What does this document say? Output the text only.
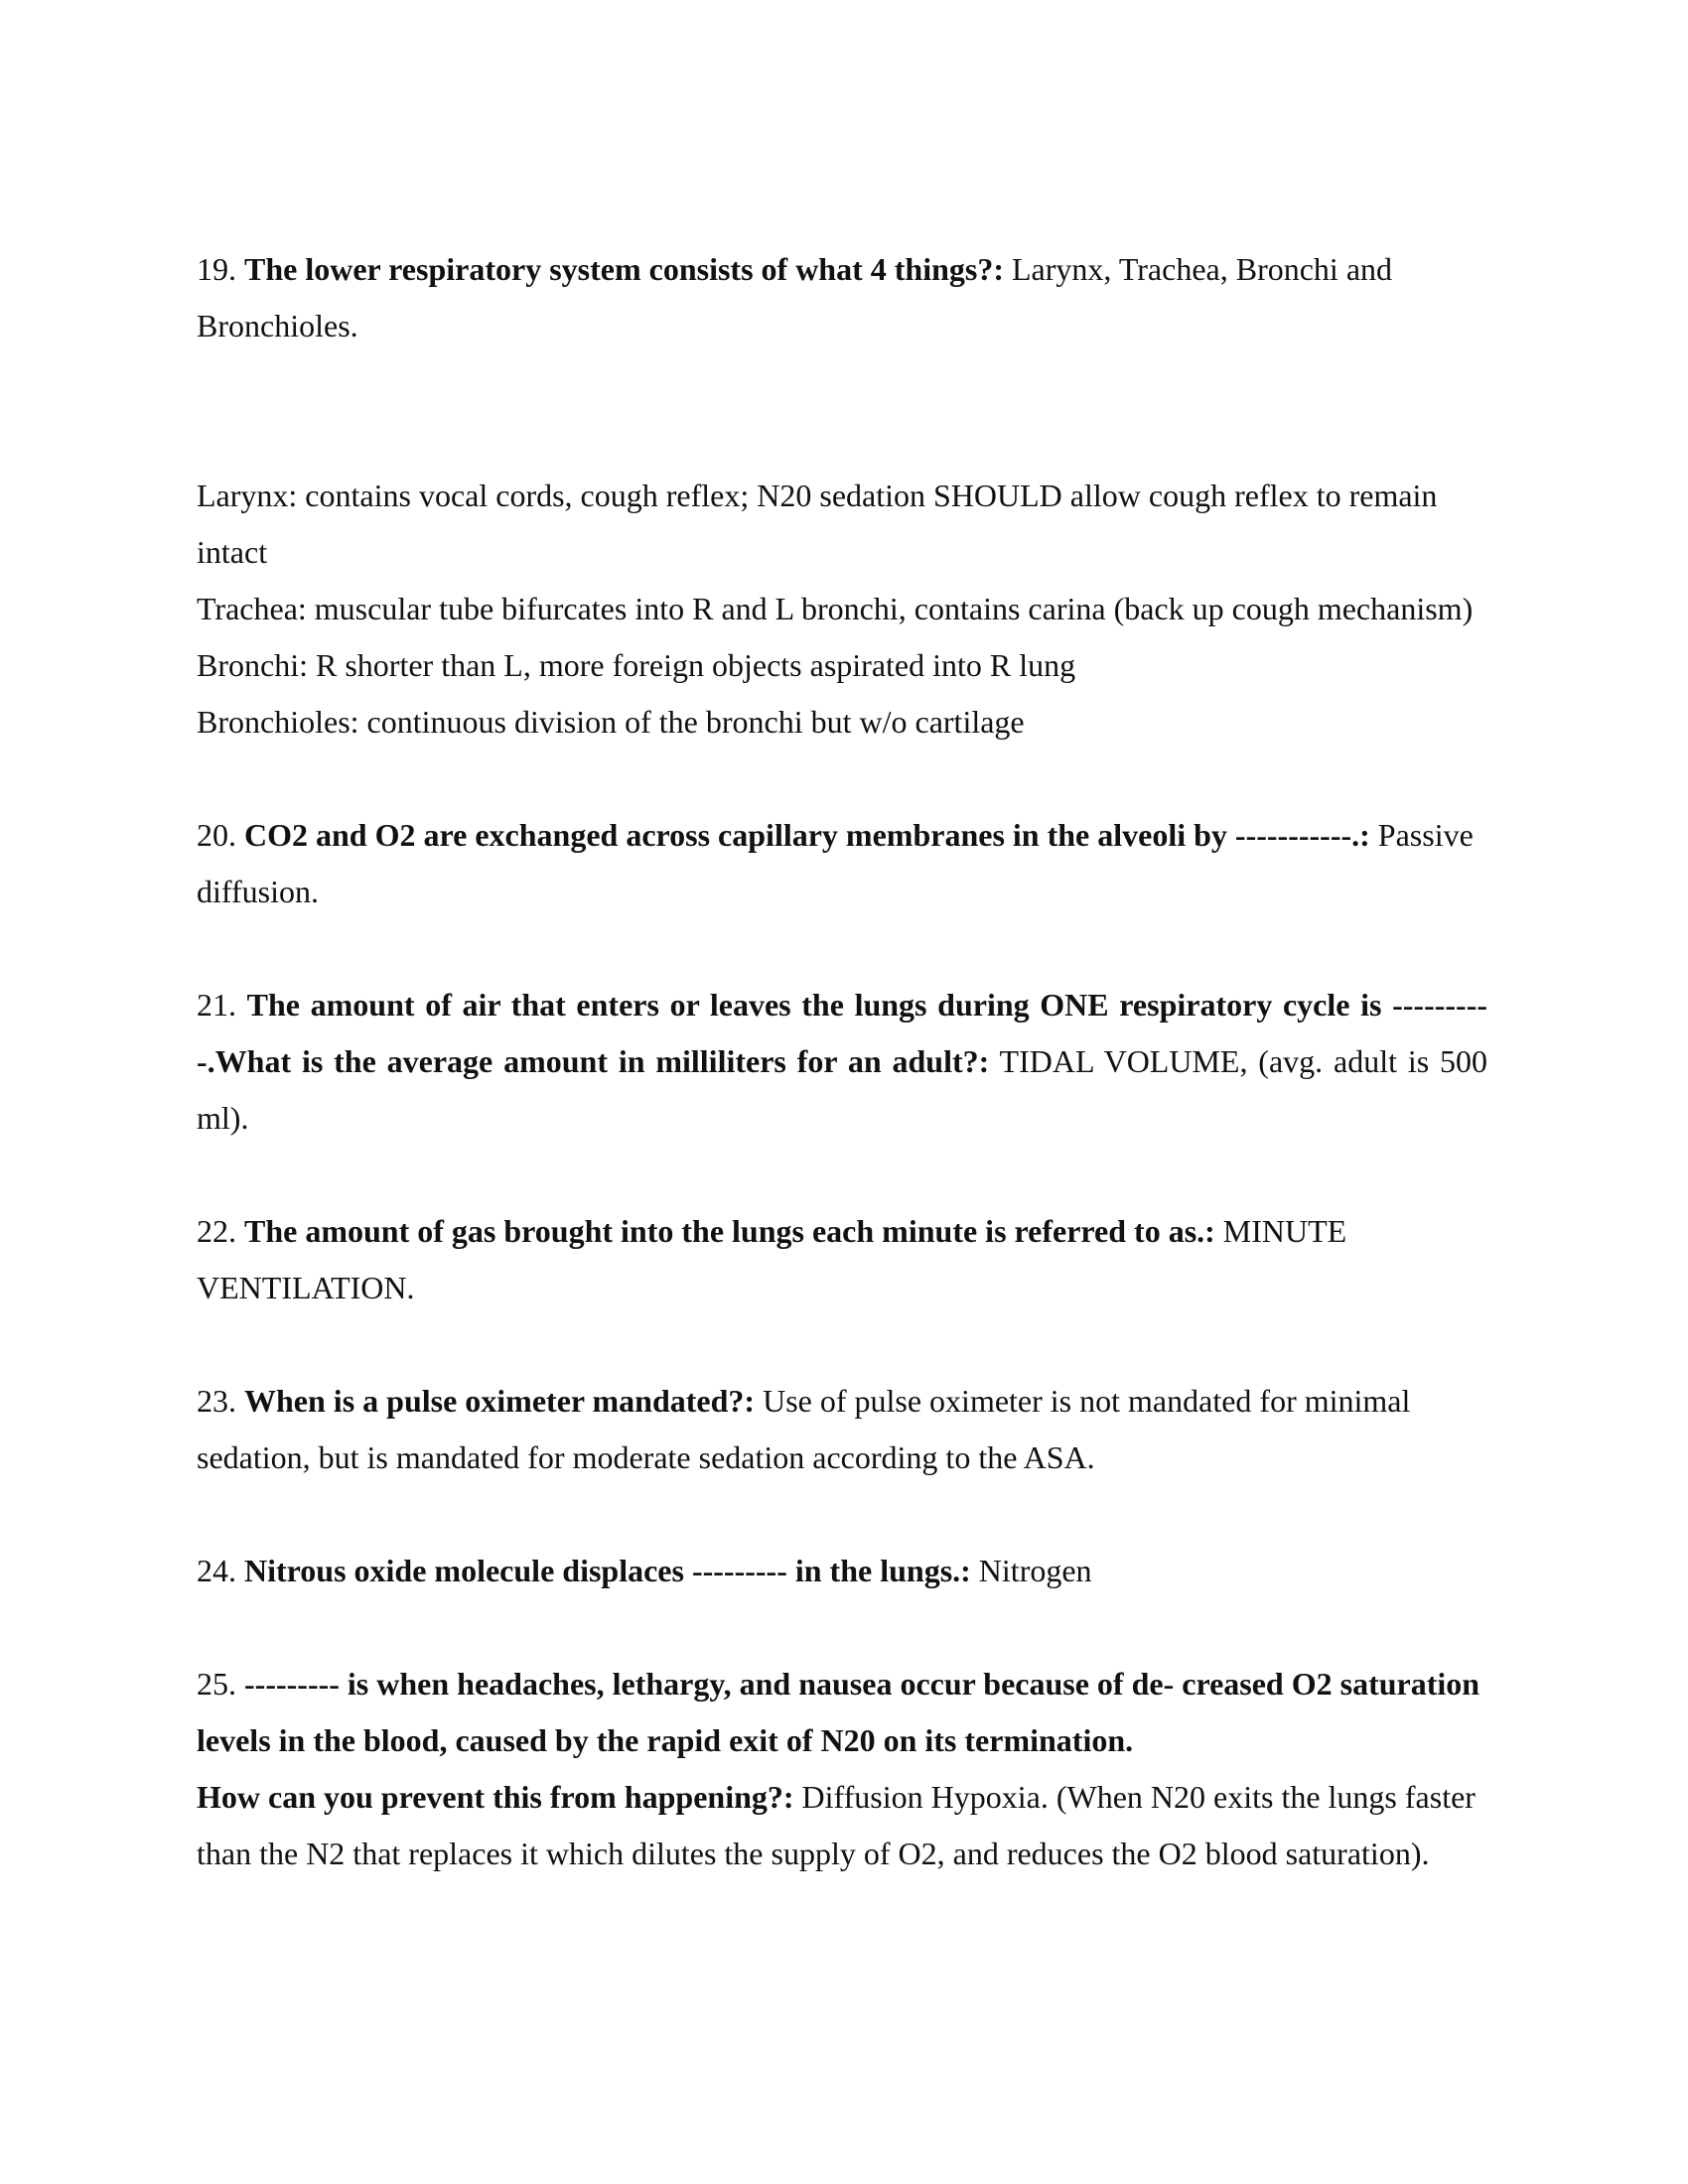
19. The lower respiratory system consists of what 4 things?: Larynx, Trachea, Bronchi and Bronchioles.

Larynx: contains vocal cords, cough reflex; N20 sedation SHOULD allow cough reflex to remain intact

Trachea: muscular tube bifurcates into R and L bronchi, contains carina (back up cough mechanism)

Bronchi: R shorter than L, more foreign objects aspirated into R lung

Bronchioles: continuous division of the bronchi but w/o cartilage

20. CO2 and O2 are exchanged across capillary membranes in the alveoli by -----------.: Passive diffusion.

21. The amount of air that enters or leaves the lungs during ONE respiratory cycle is ----------.What is the average amount in milliliters for an adult?: TIDAL VOLUME, (avg. adult is 500 ml).

22. The amount of gas brought into the lungs each minute is referred to as.: MINUTE VENTILATION.

23. When is a pulse oximeter mandated?: Use of pulse oximeter is not mandated for minimal sedation, but is mandated for moderate sedation according to the ASA.

24. Nitrous oxide molecule displaces --------- in the lungs.: Nitrogen

25. --------- is when headaches, lethargy, and nausea occur because of de- creased O2 saturation levels in the blood, caused by the rapid exit of N20 on its termination.

How can you prevent this from happening?: Diffusion Hypoxia. (When N20 exits the lungs faster than the N2 that replaces it which dilutes the supply of O2, and reduces the O2 blood saturation).
